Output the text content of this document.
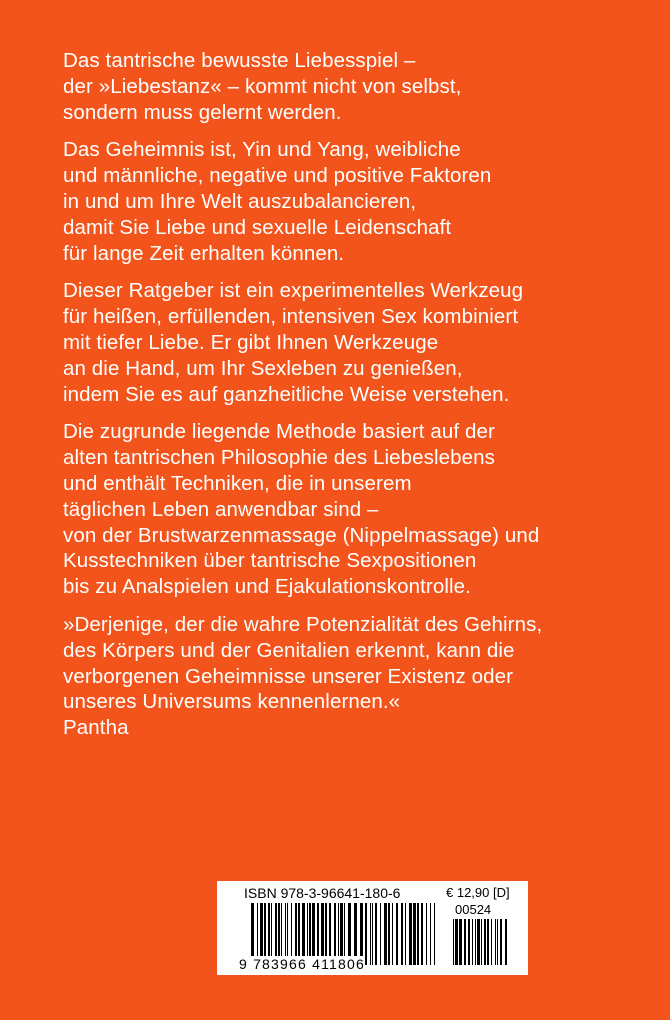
Das tantrische bewusste Liebesspiel –
der »Liebestanz« – kommt nicht von selbst,
sondern muss gelernt werden.

Das Geheimnis ist, Yin und Yang, weibliche
und männliche, negative und positive Faktoren
in und um Ihre Welt auszubalancieren,
damit Sie Liebe und sexuelle Leidenschaft
für lange Zeit erhalten können.

Dieser Ratgeber ist ein experimentelles Werkzeug
für heißen, erfüllenden, intensiven Sex kombiniert
mit tiefer Liebe. Er gibt Ihnen Werkzeuge
an die Hand, um Ihr Sexleben zu genießen,
indem Sie es auf ganzheitliche Weise verstehen.

Die zugrunde liegende Methode basiert auf der
alten tantrischen Philosophie des Liebeslebens
und enthält Techniken, die in unserem
täglichen Leben anwendbar sind –
von der Brustwarzenmassage (Nippelmassage) und
Kusstechniken über tantrische Sexpositionen
bis zu Analspielen und Ejakulationskontrolle.

»Derjenige, der die wahre Potenzialität des Gehirns,
des Körpers und der Genitalien erkennt, kann die
verborgenen Geheimnisse unserer Existenz oder
unseres Universums kennenlernen.«
Pantha

ISBN 978-3-96641-180-6	€ 12,90 [D]
00524
9 783966 411806
